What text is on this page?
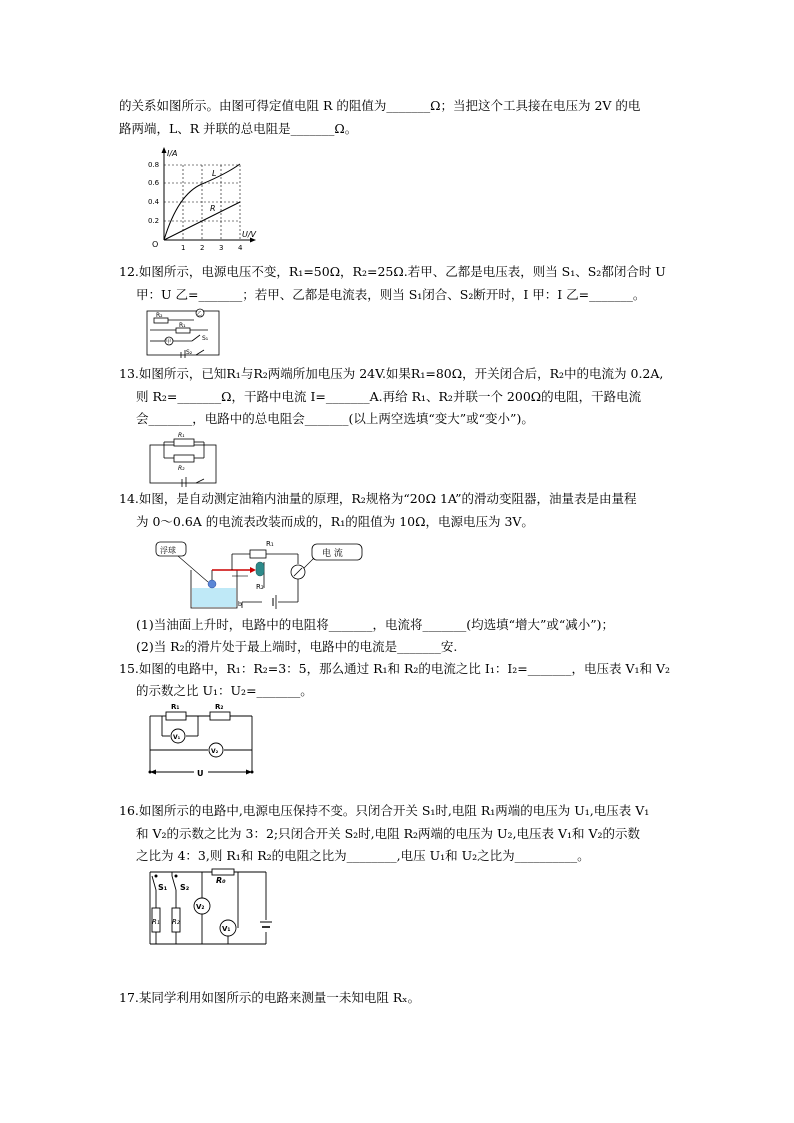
的关系如图所示。由图可得定值电阻 R 的阻值为_______Ω；当把这个工具接在电压为 2V 的电
路两端，L、R 并联的总电阻是_______Ω。
I/A
U/V
O
0.8
0.6
0.4
0.2
1 2 3 4
L
R
12.如图所示，电源电压不变，R₁=50Ω，R₂=25Ω.若甲、乙都是电压表，则当 S₁、S₂都闭合时 U
甲：U 乙=_______；若甲、乙都是电流表，则当 S₁闭合、S₂断开时，I 甲：I 乙=_______。
R₂
R₁
乙
甲	S₁
S₂
13.如图所示，已知R₁与R₂两端所加电压为 24V.如果R₁=80Ω，开关闭合后，R₂中的电流为 0.2A,
则 R₂=_______Ω，干路中电流 I=_______A.再给 R₁、R₂并联一个 200Ω的电阻，干路电流
会_______，电路中的总电阻会_______(以上两空选填“变大”或“变小”)。
R₁
R₂
14.如图，是自动测定油箱内油量的原理，R₂规格为“20Ω 1A”的滑动变阻器，油量表是由量程
为 0～0.6A 的电流表改装而成的，R₁的阻值为 10Ω，电源电压为 3V。
浮球
R₁
R₂
b
电 流
(1)当油面上升时，电路中的电阻将_______，电流将_______(均选填“增大”或“减小”)；
(2)当 R₂的滑片处于最上端时，电路中的电流是_______安.
15.如图的电路中，R₁：R₂=3：5，那么通过 R₁和 R₂的电流之比 I₁：I₂=_______，电压表 V₁和 V₂
的示数之比 U₁：U₂=_______。
R₁	R₂
V₁
V₂
U
16.如图所示的电路中,电源电压保持不变。只闭合开关 S₁时,电阻 R₁两端的电压为 U₁,电压表 V₁
和 V₂的示数之比为 3：2;只闭合开关 S₂时,电阻 R₂两端的电压为 U₂,电压表 V₁和 V₂的示数
之比为 4：3,则 R₁和 R₂的电阻之比为________,电压 U₁和 U₂之比为__________。
S₁ S₂
R₀
R₁ R₂
V₂
V₁
17.某同学利用如图所示的电路来测量一未知电阻 Rₓ。
